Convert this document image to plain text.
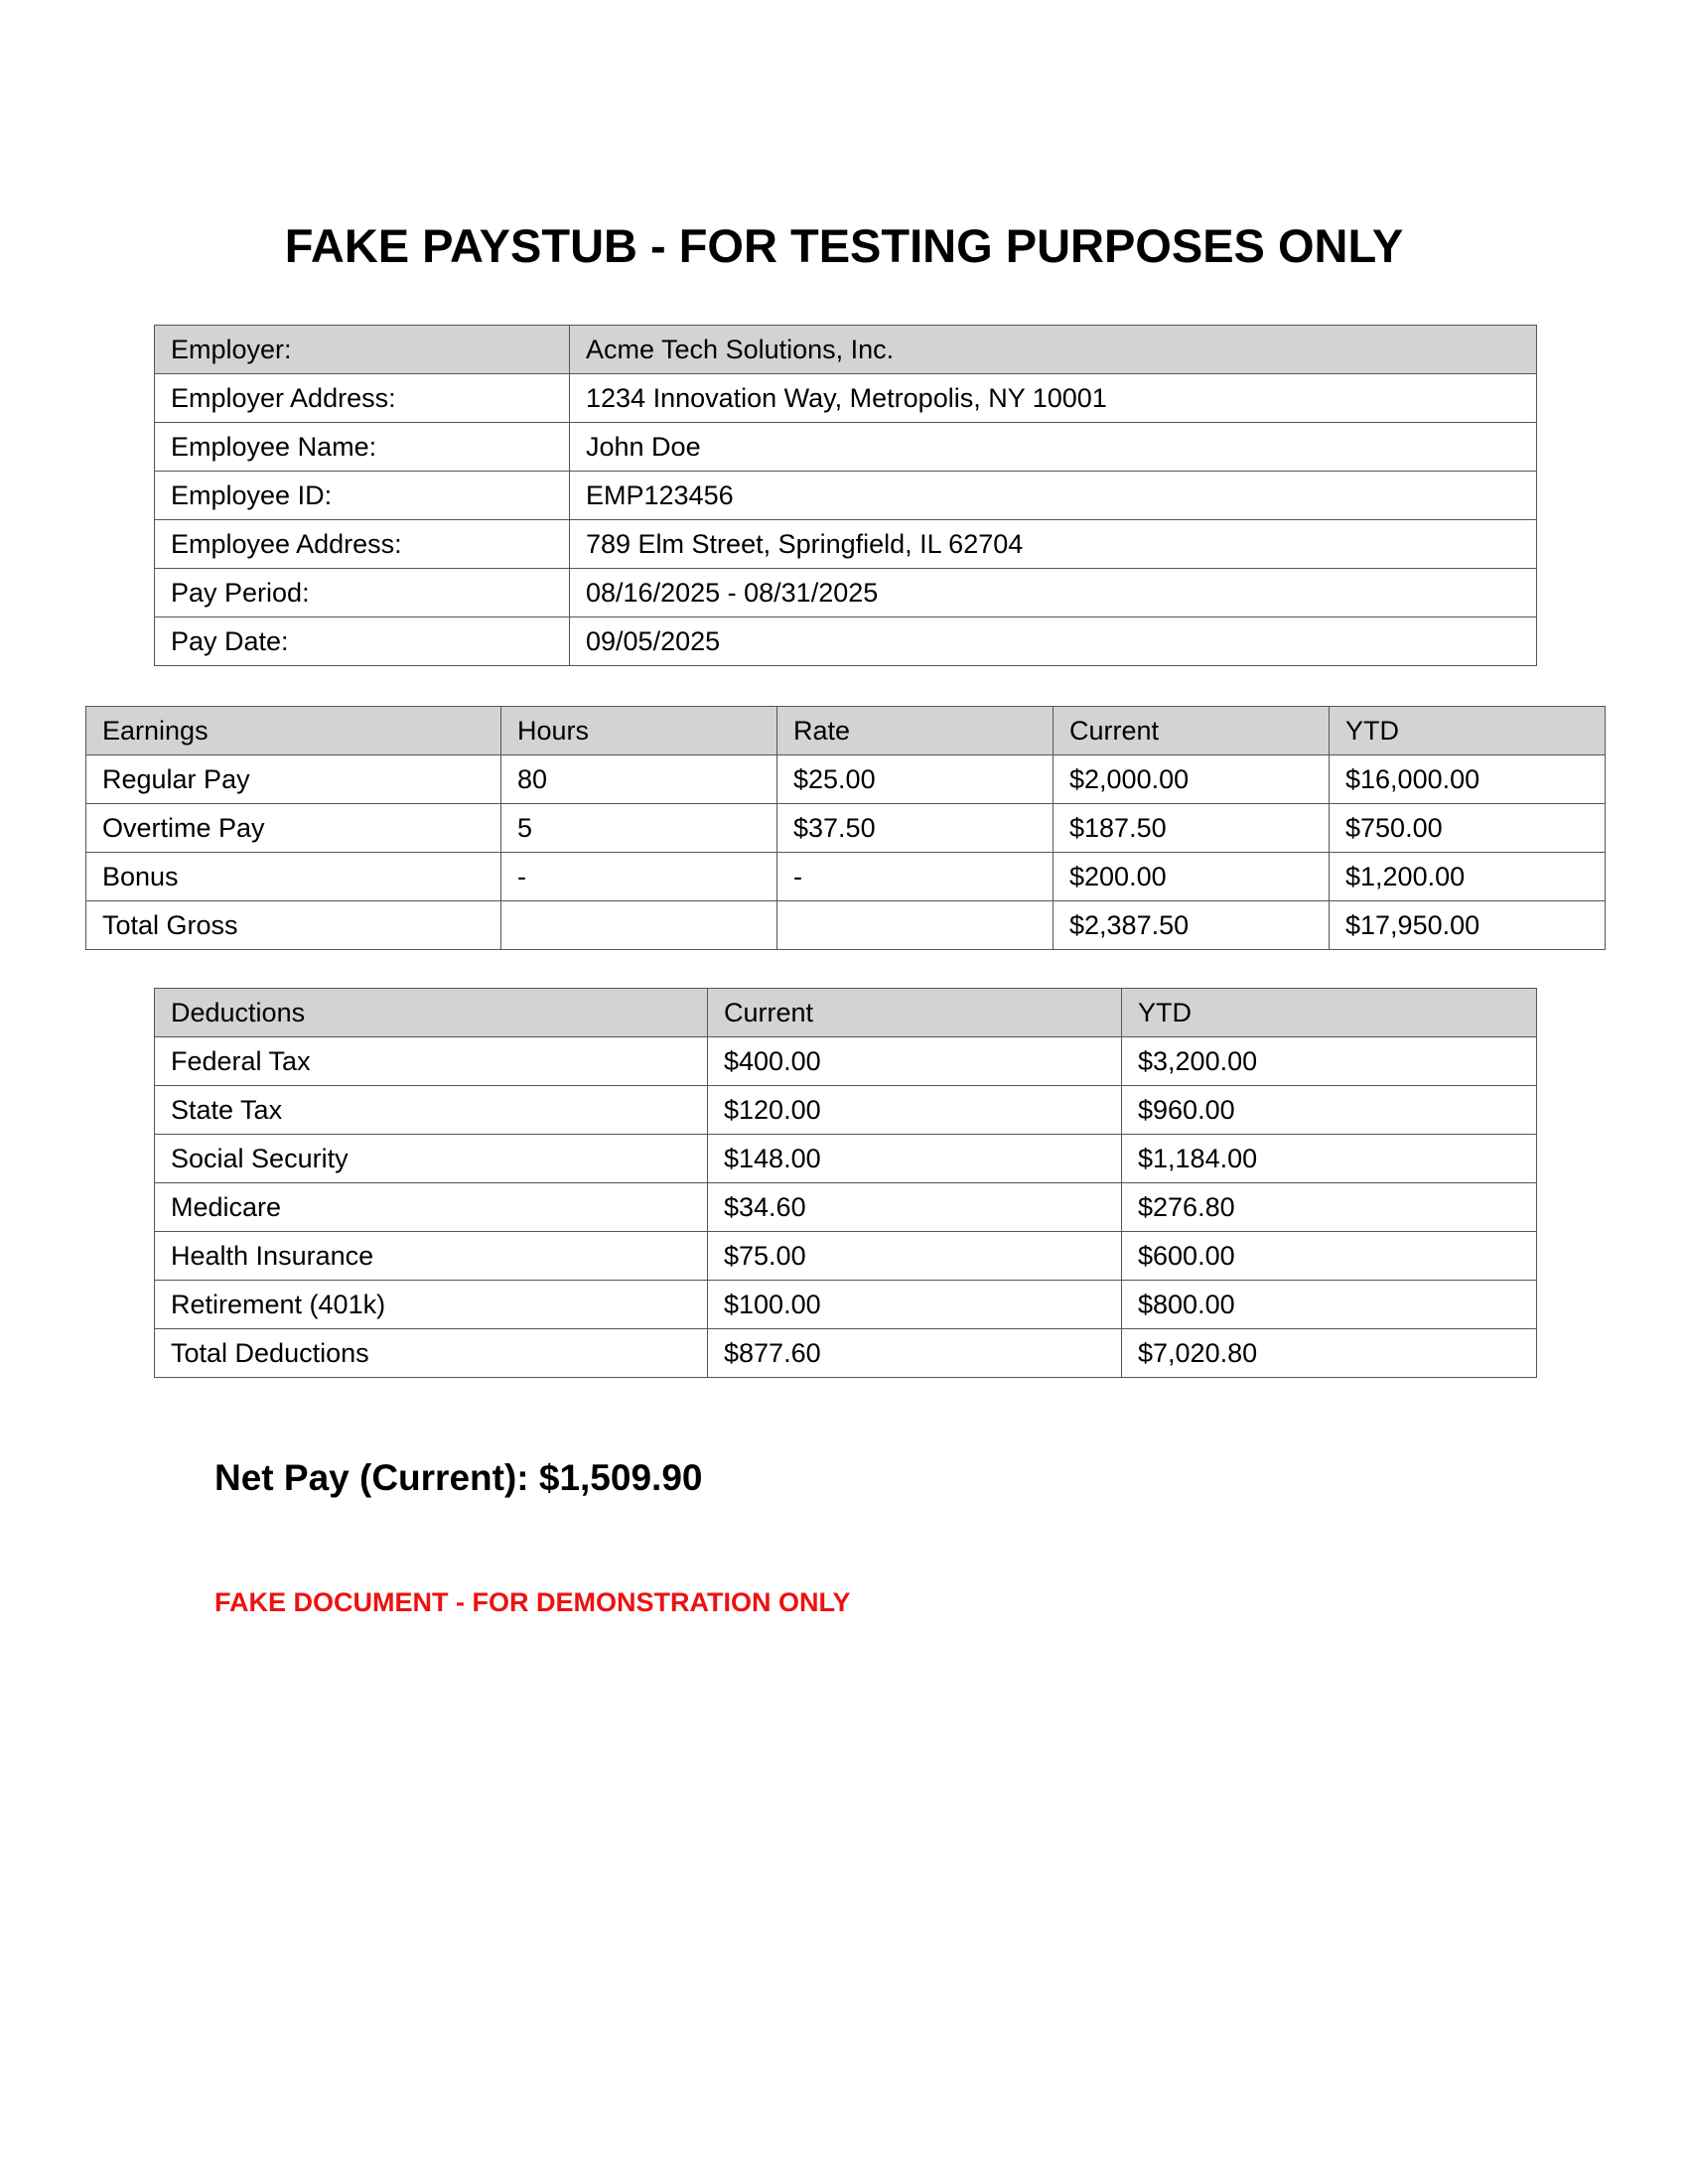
FAKE PAYSTUB - FOR TESTING PURPOSES ONLY
Employer:	Acme Tech Solutions, Inc.
Employer Address:	1234 Innovation Way, Metropolis, NY 10001
Employee Name:	John Doe
Employee ID:	EMP123456
Employee Address:	789 Elm Street, Springfield, IL 62704
Pay Period:	08/16/2025 - 08/31/2025
Pay Date:	09/05/2025
Earnings	Hours	Rate	Current	YTD
Regular Pay	80	$25.00	$2,000.00	$16,000.00
Overtime Pay	5	$37.50	$187.50	$750.00
Bonus	-	-	$200.00	$1,200.00
Total Gross			$2,387.50	$17,950.00
Deductions	Current	YTD
Federal Tax	$400.00	$3,200.00
State Tax	$120.00	$960.00
Social Security	$148.00	$1,184.00
Medicare	$34.60	$276.80
Health Insurance	$75.00	$600.00
Retirement (401k)	$100.00	$800.00
Total Deductions	$877.60	$7,020.80

Net Pay (Current): $1,509.90

FAKE DOCUMENT - FOR DEMONSTRATION ONLY
